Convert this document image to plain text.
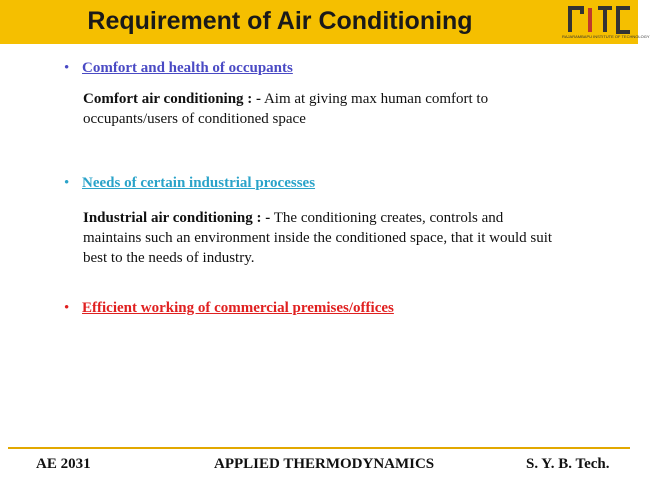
Requirement of Air Conditioning
RAJARAMBAPU INSTITUTE OF TECHNOLOGY
• Comfort and health of occupants
Comfort air conditioning : - Aim at giving max human comfort to occupants/users of conditioned space
• Needs of certain industrial processes
Industrial air conditioning : - The conditioning creates, controls and maintains such an environment inside the conditioned space, that it would suit best to the needs of industry.
• Efficient working of commercial premises/offices
AE 2031	APPLIED THERMODYNAMICS	S. Y. B. Tech.
